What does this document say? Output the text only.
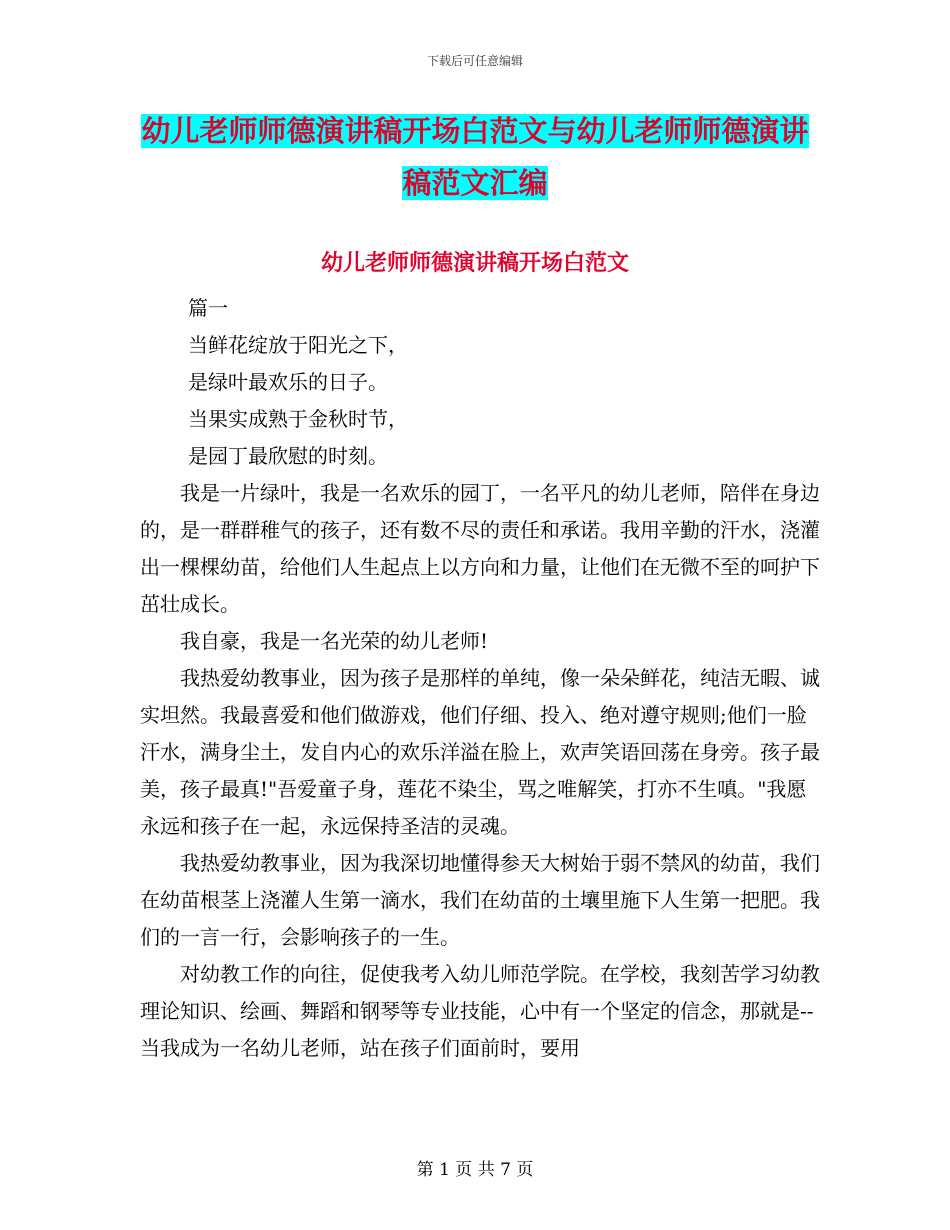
下载后可任意编辑
幼儿老师师德演讲稿开场白范文与幼儿老师师德演讲
稿范文汇编
幼儿老师师德演讲稿开场白范文

篇一

当鲜花绽放于阳光之下，

是绿叶最欢乐的日子。

当果实成熟于金秋时节，

是园丁最欣慰的时刻。

我是一片绿叶，我是一名欢乐的园丁，一名平凡的幼儿老师，陪伴在身边的，是一群群稚气的孩子，还有数不尽的责任和承诺。我用辛勤的汗水，浇灌出一棵棵幼苗，给他们人生起点上以方向和力量，让他们在无微不至的呵护下茁壮成长。

我自豪，我是一名光荣的幼儿老师!

我热爱幼教事业，因为孩子是那样的单纯，像一朵朵鲜花，纯洁无暇、诚实坦然。我最喜爱和他们做游戏，他们仔细、投入、绝对遵守规则;他们一脸汗水，满身尘土，发自内心的欢乐洋溢在脸上，欢声笑语回荡在身旁。孩子最美，孩子最真!"吾爱童子身，莲花不染尘，骂之唯解笑，打亦不生嗔。"我愿永远和孩子在一起，永远保持圣洁的灵魂。

我热爱幼教事业，因为我深切地懂得参天大树始于弱不禁风的幼苗，我们在幼苗根茎上浇灌人生第一滴水，我们在幼苗的土壤里施下人生第一把肥。我们的一言一行，会影响孩子的一生。

对幼教工作的向往，促使我考入幼儿师范学院。在学校，我刻苦学习幼教理论知识、绘画、舞蹈和钢琴等专业技能，心中有一个坚定的信念，那就是--当我成为一名幼儿老师，站在孩子们面前时，要用

第 1 页 共 7 页
